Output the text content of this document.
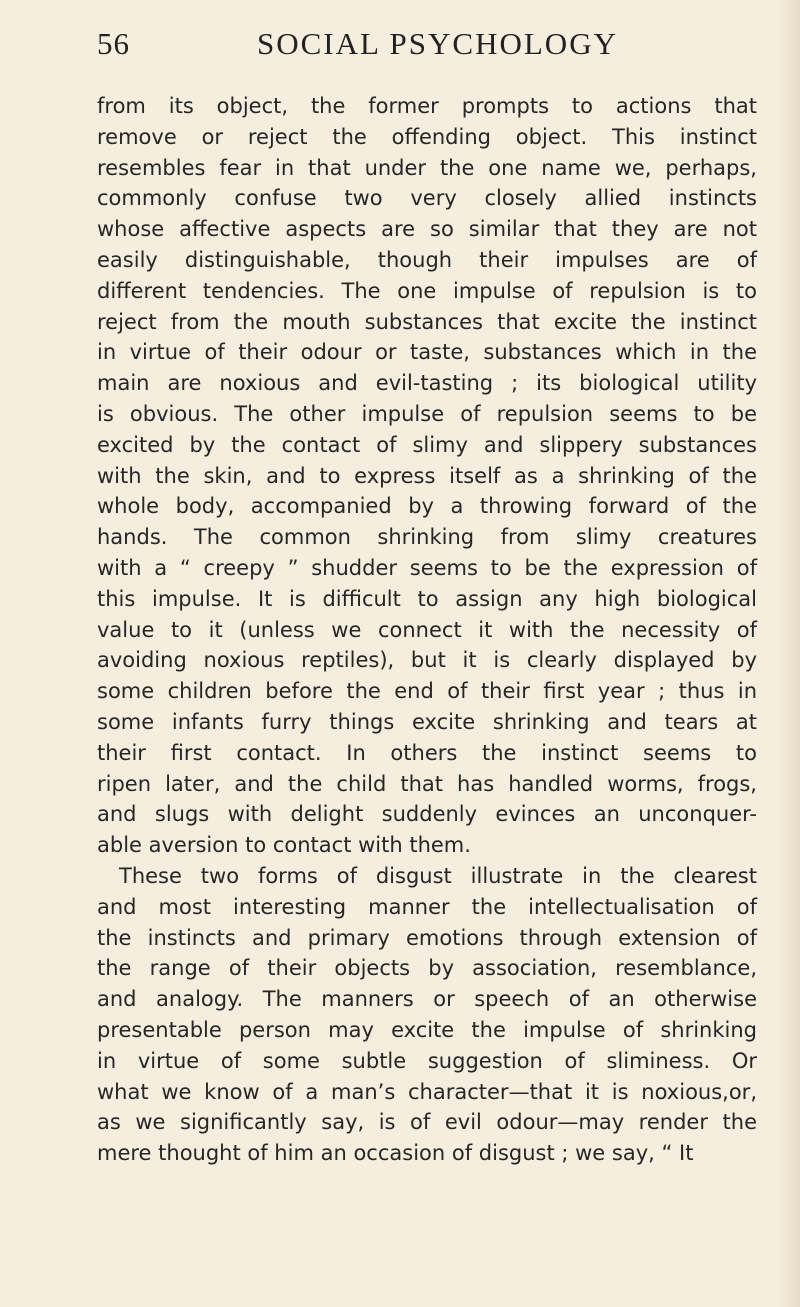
56	SOCIAL PSYCHOLOGY
from its object, the former prompts to actions that
remove or reject the offending object. This instinct
resembles fear in that under the one name we, perhaps,
commonly confuse two very closely allied instincts
whose affective aspects are so similar that they are not
easily distinguishable, though their impulses are of
different tendencies. The one impulse of repulsion is to
reject from the mouth substances that excite the instinct
in virtue of their odour or taste, substances which in the
main are noxious and evil-tasting ; its biological utility
is obvious. The other impulse of repulsion seems to be
excited by the contact of slimy and slippery substances
with the skin, and to express itself as a shrinking of the
whole body, accompanied by a throwing forward of the
hands. The common shrinking from slimy creatures
with a “ creepy ” shudder seems to be the expression of
this impulse. It is difficult to assign any high biological
value to it (unless we connect it with the necessity of
avoiding noxious reptiles), but it is clearly displayed by
some children before the end of their first year ; thus in
some infants furry things excite shrinking and tears at
their first contact. In others the instinct seems to
ripen later, and the child that has handled worms, frogs,
and slugs with delight suddenly evinces an unconquer-
able aversion to contact with them.
These two forms of disgust illustrate in the clearest
and most interesting manner the intellectualisation of
the instincts and primary emotions through extension of
the range of their objects by association, resemblance,
and analogy. The manners or speech of an otherwise
presentable person may excite the impulse of shrinking
in virtue of some subtle suggestion of sliminess. Or
what we know of a man’s character—that it is noxious,or,
as we significantly say, is of evil odour—may render the
mere thought of him an occasion of disgust ; we say, “ It
